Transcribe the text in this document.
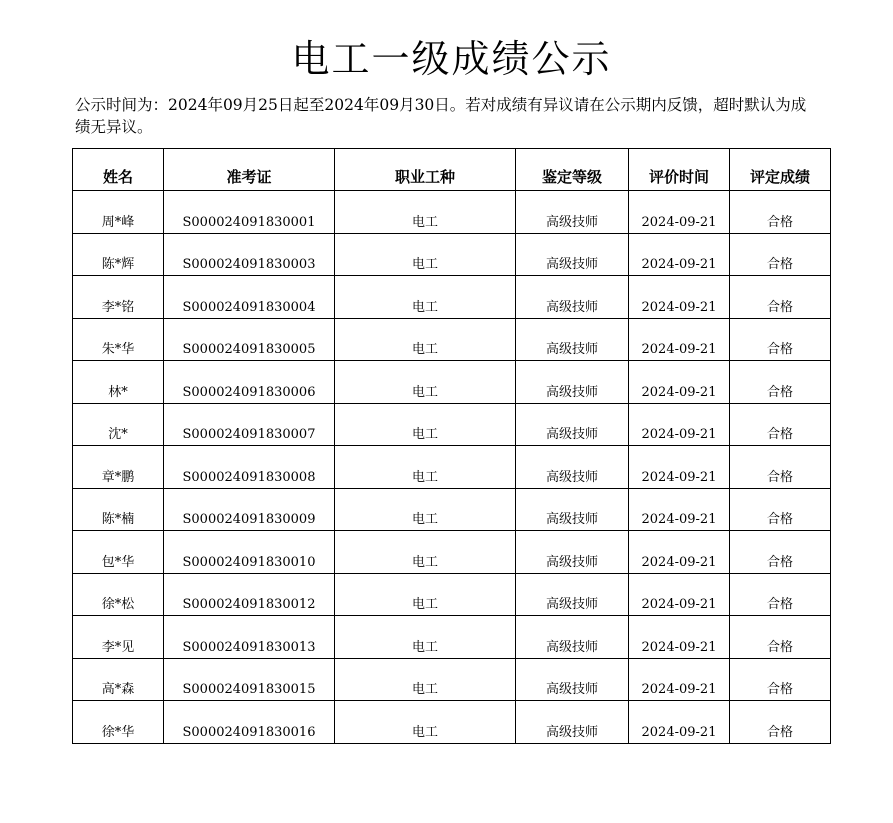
电工一级成绩公示
公示时间为：2024年09月25日起至2024年09月30日。若对成绩有异议请在公示期内反馈，超时默认为成绩无异议。
姓名	准考证	职业工种	鉴定等级	评价时间	评定成绩
周*峰	S000024091830001	电工	高级技师	2024-09-21	合格
陈*辉	S000024091830003	电工	高级技师	2024-09-21	合格
李*铭	S000024091830004	电工	高级技师	2024-09-21	合格
朱*华	S000024091830005	电工	高级技师	2024-09-21	合格
林*	S000024091830006	电工	高级技师	2024-09-21	合格
沈*	S000024091830007	电工	高级技师	2024-09-21	合格
章*鹏	S000024091830008	电工	高级技师	2024-09-21	合格
陈*楠	S000024091830009	电工	高级技师	2024-09-21	合格
包*华	S000024091830010	电工	高级技师	2024-09-21	合格
徐*松	S000024091830012	电工	高级技师	2024-09-21	合格
李*见	S000024091830013	电工	高级技师	2024-09-21	合格
高*森	S000024091830015	电工	高级技师	2024-09-21	合格
徐*华	S000024091830016	电工	高级技师	2024-09-21	合格
